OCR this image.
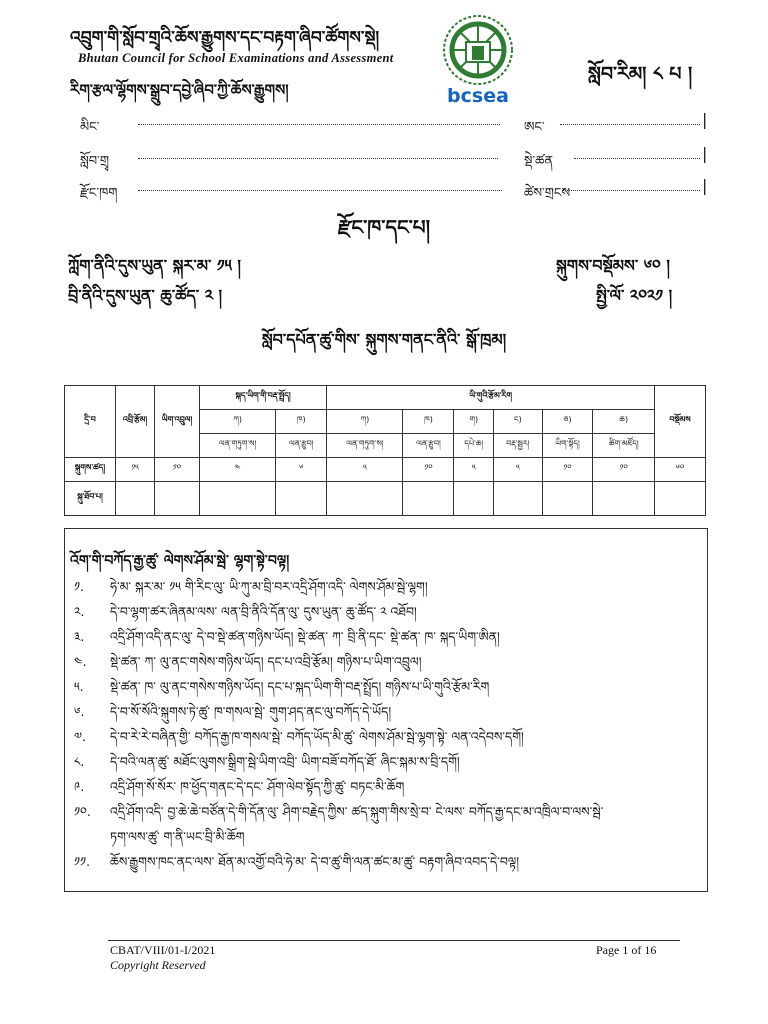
འབྲུག་གི་སློབ་གྲྭའི་ཆོས་རྒྱུགས་དང་བརྟག་ཞིབ་ཚོགས་སྡེ།
Bhutan Council for School Examinations and Assessment
རིག་རྩལ་ལྷོགས་སྒྲུབ་དབྱེ་ཞིབ་ཀྱི་ཆོས་རྒྱུགས།	bcsea
སློབ་རིམ། ༨ པ །
མིང་	ཨང་	|
སློབ་གྲྭ	སྡེ་ཚན	|
རྫོང་ཁག	ཚེས་གྲངས	|
རྫོང་ཁ་དང་པ།
ཀློག་ནིའི་དུས་ཡུན་ སྐར་མ་ ༡༥ །	སྐུགས་བསྡོམས་ ༦༠ །
བྲི་ནིའི་དུས་ཡུན་ ཆུ་ཚོད་ ༢ །	སྤྱི་ལོ་ ༢༠༢༡ །
སློབ་དཔོན་ཚུ་གིས་ སྐུགས་གནང་ནིའི་ སྒོ་ཁྲམ།
དྲི་བ	འབྲི་རྩོམ།	ཡིག་འབྲུལ།	སྐད་ཡིག་གི་བརྡ་སྤྲོད།		ཡི་གུའི་རྩོམ་རིག						བསྡོམས
			ཀ)	ཁ)	ཀ)	ཁ)	ག)	ང)	ཅ)	ཆ)	
			ལན་གཏུག་ས།	ལན་རྩུབ།	ལན་གཏུག་ས།	ལན་རྩུབ།	དཔེ་ཆ།	བརྡ་སྦྱར།	ཡིག་སྟོད།	ཚིག་མཛོད།	
སྐུགས་ཚད།	༡༥	༡༠	༤	༦	༥	༡༠	༥	༥	༡༠	༡༠	༦༠
སྐུ་ཐོབ་པ།											
འོག་གི་བཀོད་རྒྱ་ཚུ་ ལེགས་ཤོམ་སྦེ་ ལྷག་སྟེ་བལྟ།
༡. ཧེ་མ་ སྐར་མ་ ༡༥ གི་རིང་ལུ་ ཡི་ཀུ་མ་བྲི་བར་འདྲི་ཤོག་འདི་ ལེགས་ཤོམ་སྦེ་ལྷག།
༢. དེ་བ་ལྷག་ཚར་ཞིནམ་ལས་ ལན་བྲི་ནིའི་དོན་ལུ་ དུས་ཡུན་ ཆུ་ཚོད་ ༢ འཐོབ།
༣. འདྲི་ཤོག་འདི་ནང་ལུ་ དེ་བ་སྡེ་ཚན་གཉིས་ཡོད། སྡེ་ཚན་ ཀ་ བྲི་ནི་དང་ སྡེ་ཚན་ ཁ་ སྐད་ཡིག་ཨིན།
༤. སྡེ་ཚན་ ཀ་ ལུ་ནང་གསེས་གཉིས་ཡོད། དང་པ་འབྲི་རྩོམ། གཉིས་པ་ཡིག་འབྲུལ།
༥. སྡེ་ཚན་ ཁ་ ལུ་ནང་གསེས་གཉིས་ཡོད། དང་པ་སྐད་ཡིག་གི་བརྡ་སྤྲོད། གཉིས་པ་ཡི་གུའི་རྩོམ་རིག
༦. དེ་བ་སོ་སོའི་སྐུགས་ཏེ་ཚུ་ ཁ་གསལ་སྦེ་ གུག་ཤད་ནང་ལུ་བཀོད་དེ་ཡོད།
༧. དེ་བ་རེ་རེ་བཞིན་གྱི་ བཀོད་རྒྱ་ཁ་གསལ་སྦེ་ བཀོད་ཡོད་མི་ཚུ་ ལེགས་ཤོམ་སྦེ་ལྷག་སྟེ་ ལན་འདེབས་དགོ།
༨. དེ་བའི་ལན་ཚུ་ མཐོང་ལུགས་སྒྲིག་སྦེ་ཡིག་འབྲི་ ཡིག་བཟོ་བཀོད་ཐོ་ ཞིང་སྐམ་ས་བྲི་དགོ།
༩. འདྲི་ཤོག་སོ་སོར་ ཁ་ཕྱོད་གནང་དེ་དང་ ཤོག་ལེབ་སྟོད་ཀྱི་ཚུ་ བཏང་མི་ཆོག
༡༠. འདྲི་ཤོག་འདི་ བྱ་ཆེ་ཆེ་བཙོན་དེ་གི་དོན་ལུ་ ཤིག་བརྗེད་ཀྱིས་ ཚད་སྐུག་གིས་སྲེ་བ་ ངེ་ལས་ བཀོད་རྒྱ་དང་མ་འཁྲིལ་བ་ལས་སྦེ་
ཏག་ལས་ཚུ་ ག་ནི་ཡང་བྲི་མི་ཆོག
༡༡. ཆོས་རྒྱུགས་ཁང་ནང་ལས་ ཐོན་མ་འགྱོ་བའི་ཧེ་མ་ དེ་བ་ཚུ་གི་ལན་ཚང་མ་ཚུ་ བརྟག་ཞིབ་འབད་དེ་བལྟ།
CBAT/VIII/01-I/2021
Copyright Reserved
Page 1 of 16
